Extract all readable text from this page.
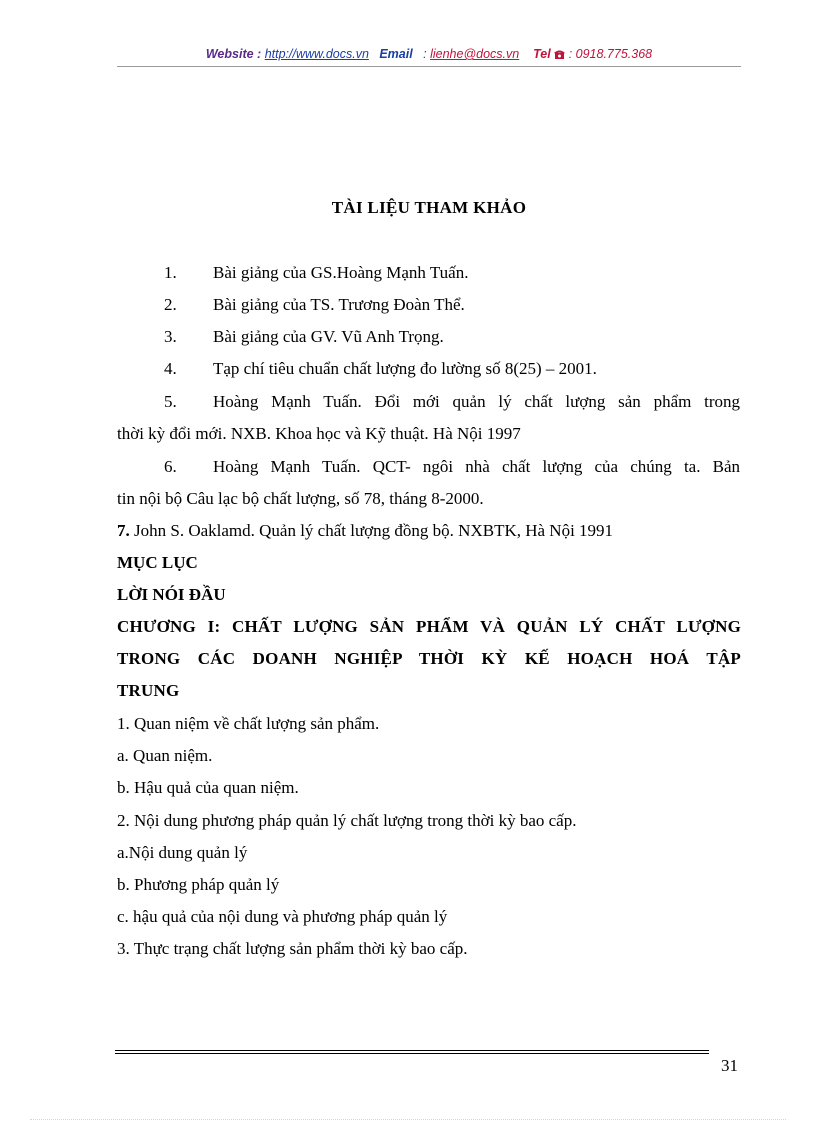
Website : http://www.docs.vn Email : lienhe@docs.vn Tel : 0918.775.368
TÀI LIỆU THAM KHẢO
1. Bài giảng của GS.Hoàng Mạnh Tuấn.
2. Bài giảng của TS. Trương Đoàn Thể.
3. Bài giảng của GV. Vũ Anh Trọng.
4. Tạp chí tiêu chuẩn chất lượng đo lường số 8(25) – 2001.
5. Hoàng Mạnh Tuấn. Đổi mới quản lý chất lượng sản phẩm trong
thời kỳ đổi mới. NXB. Khoa học và Kỹ thuật. Hà Nội 1997
6. Hoàng Mạnh Tuấn. QCT- ngôi nhà chất lượng của chúng ta. Bản
tin nội bộ Câu lạc bộ chất lượng, số 78, tháng 8-2000.
7. John S. Oaklamd. Quản lý chất lượng đồng bộ. NXBTK, Hà Nội 1991
MỤC LỤC
LỜI NÓI ĐẦU
CHƯƠNG I: CHẤT LƯỢNG SẢN PHẨM VÀ QUẢN LÝ CHẤT LƯỢNG
TRONG CÁC DOANH NGHIỆP THỜI KỲ KẾ HOẠCH HOÁ TẬP
TRUNG
1. Quan niệm về chất lượng sản phẩm.
a. Quan niệm.
b. Hậu quả của quan niệm.
2. Nội dung phương pháp quản lý chất lượng trong thời kỳ bao cấp.
a.Nội dung quản lý
b. Phương pháp quản lý
c. hậu quả của nội dung và phương pháp quản lý
3. Thực trạng chất lượng sản phẩm thời kỳ bao cấp.
31
